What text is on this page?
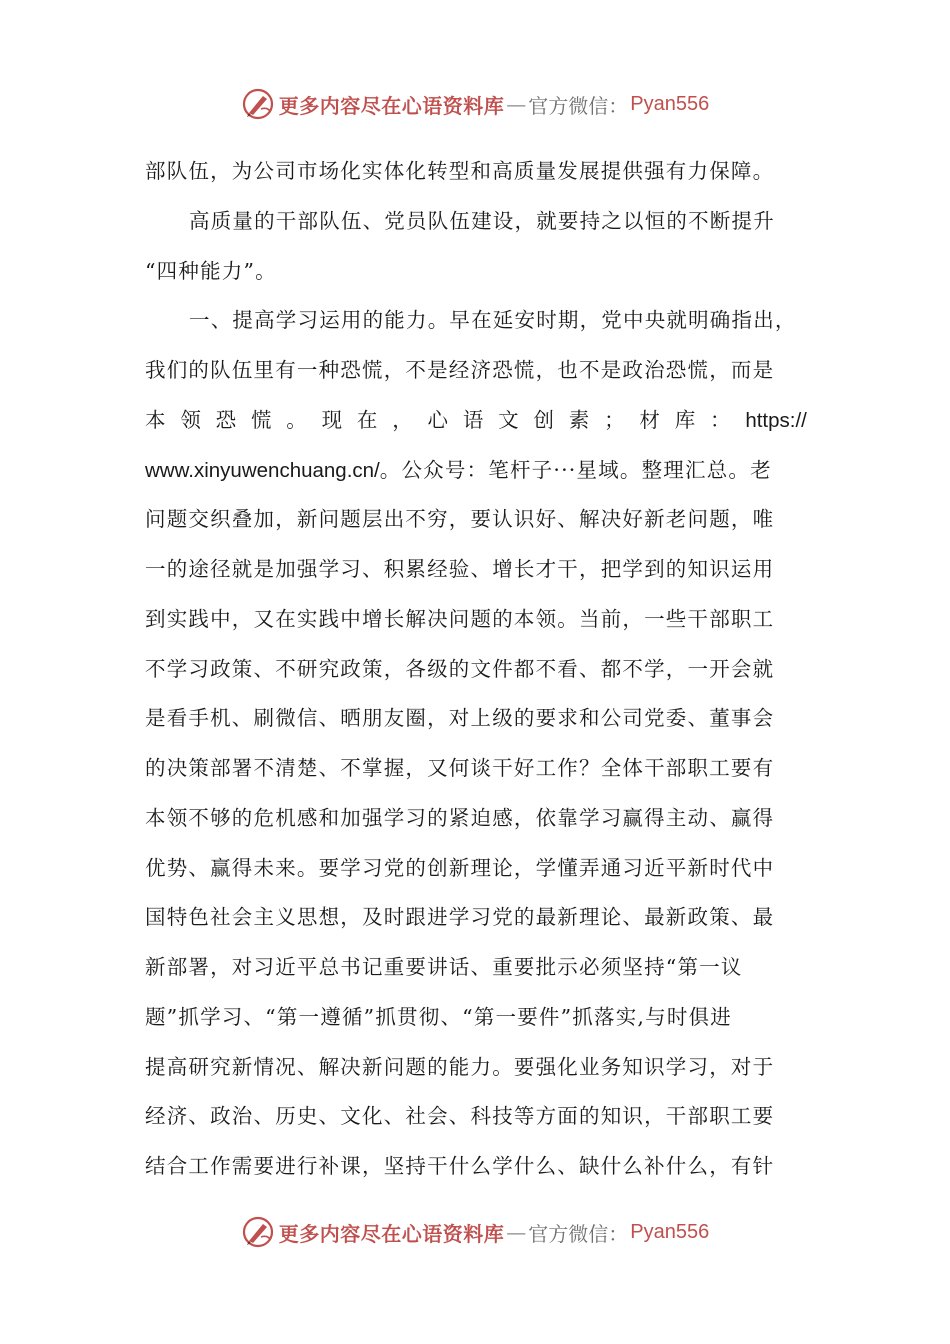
更多内容尽在心语资料库 — 官方微信： Pyan556
部队伍，为公司市场化实体化转型和高质量发展提供强有力保障。
高质量的干部队伍、党员队伍建设，就要持之以恒的不断提升
“四种能力”。
一、提高学习运用的能力。早在延安时期，党中央就明确指出，
我们的队伍里有一种恐慌，不是经济恐慌，也不是政治恐慌，而是
本 领 恐 慌 。 现 在 ， 心 语 文 创 素 ； 材 库 ： https://
www.xinyuwenchuang.cn/。公众号：笔杆子···星域。整理汇总。老
问题交织叠加，新问题层出不穷，要认识好、解决好新老问题，唯
一的途径就是加强学习、积累经验、增长才干，把学到的知识运用
到实践中，又在实践中增长解决问题的本领。当前，一些干部职工
不学习政策、不研究政策，各级的文件都不看、都不学，一开会就
是看手机、刷微信、晒朋友圈，对上级的要求和公司党委、董事会
的决策部署不清楚、不掌握，又何谈干好工作？全体干部职工要有
本领不够的危机感和加强学习的紧迫感，依靠学习赢得主动、赢得
优势、赢得未来。要学习党的创新理论，学懂弄通习近平新时代中
国特色社会主义思想，及时跟进学习党的最新理论、最新政策、最
新部署，对习近平总书记重要讲话、重要批示必须坚持“第一议
题”抓学习、“第一遵循”抓贯彻、“第一要件”抓落实,与时俱进
提高研究新情况、解决新问题的能力。要强化业务知识学习，对于
经济、政治、历史、文化、社会、科技等方面的知识，干部职工要
结合工作需要进行补课，坚持干什么学什么、缺什么补什么，有针
更多内容尽在心语资料库 — 官方微信： Pyan556
